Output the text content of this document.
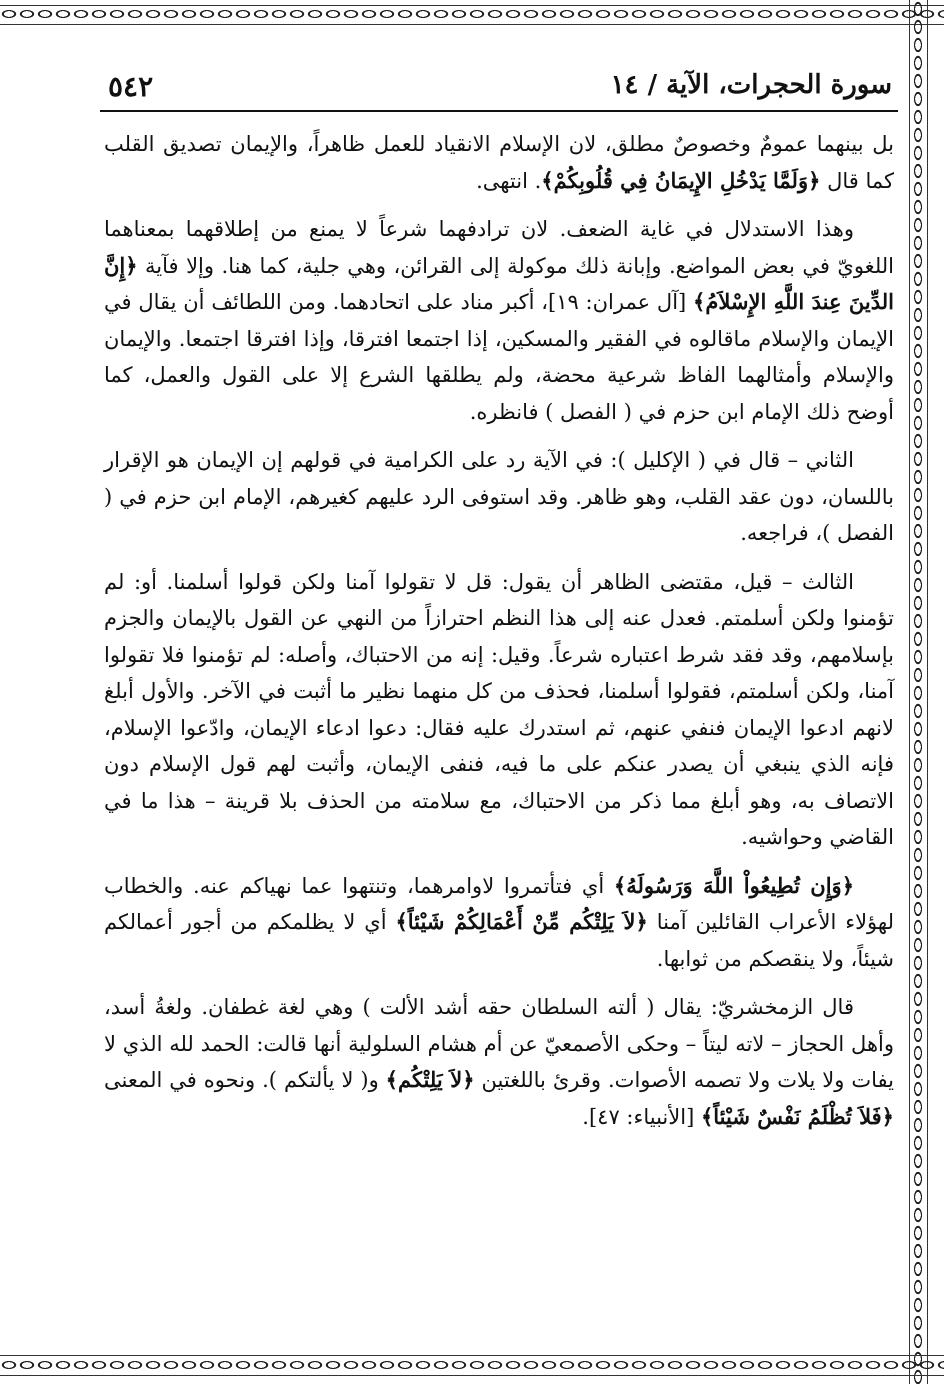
٥٤٢	سورة الحجرات، الآية / ١٤

بل بينهما عمومٌ وخصوصٌ مطلق، لان الإسلام الانقياد للعمل ظاهراً، والإيمان تصديق القلب كما قال ﴿وَلَمَّا يَدْخُلِ الإِيمَانُ فِي قُلُوبِكُمْ﴾. انتهى.

وهذا الاستدلال في غاية الضعف. لان ترادفهما شرعاً لا يمنع من إطلاقهما بمعناهما اللغويّ في بعض المواضع. وإبانة ذلك موكولة إلى القرائن، وهي جلية، كما هنا. وإلا فآية ﴿إِنَّ الدِّينَ عِندَ اللَّهِ الإِسْلاَمُ﴾ [آل عمران: ١٩]، أكبر مناد على اتحادهما. ومن اللطائف أن يقال في الإيمان والإسلام ماقالوه في الفقير والمسكين، إذا اجتمعا افترقا، وإذا افترقا اجتمعا. والإيمان والإسلام وأمثالهما الفاظ شرعية محضة، ولم يطلقها الشرع إلا على القول والعمل، كما أوضح ذلك الإمام ابن حزم في ( الفصل ) فانظره.

الثاني – قال في ( الإكليل ): في الآية رد على الكرامية في قولهم إن الإيمان هو الإقرار باللسان، دون عقد القلب، وهو ظاهر. وقد استوفى الرد عليهم كغيرهم، الإمام ابن حزم في ( الفصل )، فراجعه.

الثالث – قيل، مقتضى الظاهر أن يقول: قل لا تقولوا آمنا ولكن قولوا أسلمنا. أو: لم تؤمنوا ولكن أسلمتم. فعدل عنه إلى هذا النظم احترازاً من النهي عن القول بالإيمان والجزم بإسلامهم، وقد فقد شرط اعتباره شرعاً. وقيل: إنه من الاحتباك، وأصله: لم تؤمنوا فلا تقولوا آمنا، ولكن أسلمتم، فقولوا أسلمنا، فحذف من كل منهما نظير ما أثبت في الآخر. والأول أبلغ لانهم ادعوا الإيمان فنفي عنهم، ثم استدرك عليه فقال: دعوا ادعاء الإيمان، وادّعوا الإسلام، فإنه الذي ينبغي أن يصدر عنكم على ما فيه، فنفى الإيمان، وأثبت لهم قول الإسلام دون الاتصاف به، وهو أبلغ مما ذكر من الاحتباك، مع سلامته من الحذف بلا قرينة – هذا ما في القاضي وحواشيه.

﴿وَإِن تُطِيعُواْ اللَّهَ وَرَسُولَهُ﴾ أي فتأتمروا لاوامرهما، وتنتهوا عما نهياكم عنه. والخطاب لهؤلاء الأعراب القائلين آمنا ﴿لاَ يَلِتْكُم مِّنْ أَعْمَالِكُمْ شَيْئاً﴾ أي لا يظلمكم من أجور أعمالكم شيئاً، ولا ينقصكم من ثوابها.

قال الزمخشريّ: يقال ( ألته السلطان حقه أشد الألت ) وهي لغة غطفان. ولغةُ أسد، وأهل الحجاز – لاته ليتاً – وحكى الأصمعيّ عن أم هشام السلولية أنها قالت: الحمد لله الذي لا يفات ولا يلات ولا تصمه الأصوات. وقرئ باللغتين ﴿لاَ يَلِتْكُم﴾ و( لا يألتكم ). ونحوه في المعنى ﴿فَلاَ تُظْلَمُ نَفْسٌ شَيْئاً﴾ [الأنبياء: ٤٧].
